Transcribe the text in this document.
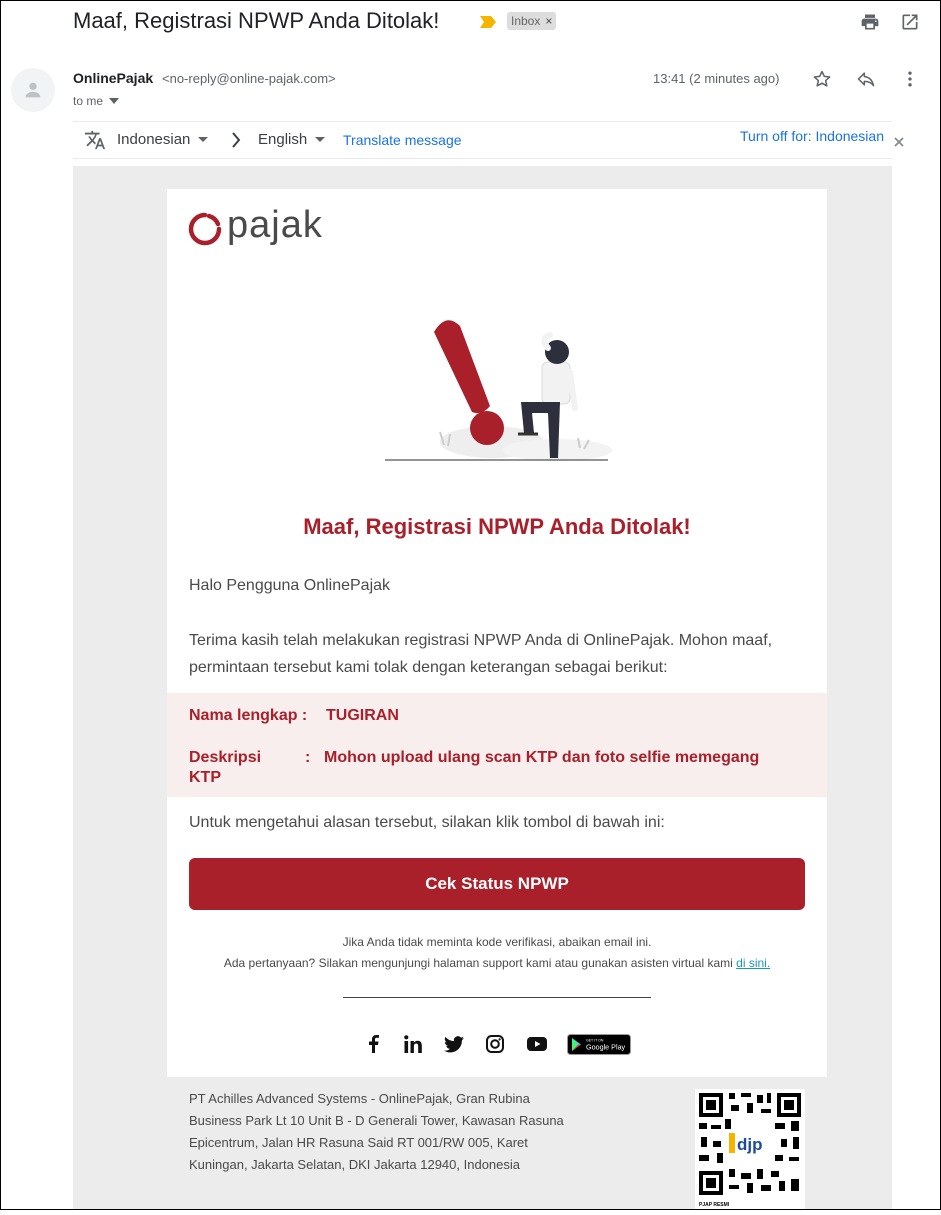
Maaf, Registrasi NPWP Anda Ditolak!	Inbox ×
OnlinePajak <no-reply@online-pajak.com>
to me
13:41 (2 minutes ago)
Indonesian	English	Translate message	Turn off for: Indonesian
pajak
Maaf, Registrasi NPWP Anda Ditolak!
Halo Pengguna OnlinePajak
Terima kasih telah melakukan registrasi NPWP Anda di OnlinePajak. Mohon maaf, permintaan tersebut kami tolak dengan keterangan sebagai berikut:
Nama lengkap : TUGIRAN
Deskripsi	: Mohon upload ulang scan KTP dan foto selfie memegang
KTP
Untuk mengetahui alasan tersebut, silakan klik tombol di bawah ini:
Cek Status NPWP
Jika Anda tidak meminta kode verifikasi, abaikan email ini.
Ada pertanyaan? Silakan mengunjungi halaman support kami atau gunakan asisten virtual kami di sini.
GET IT ON
Google Play
PT Achilles Advanced Systems - OnlinePajak, Gran Rubina
Business Park Lt 10 Unit B - D Generali Tower, Kawasan Rasuna
Epicentrum, Jalan HR Rasuna Said RT 001/RW 005, Karet
Kuningan, Jakarta Selatan, DKI Jakarta 12940, Indonesia
djp
PJAP RESMI
